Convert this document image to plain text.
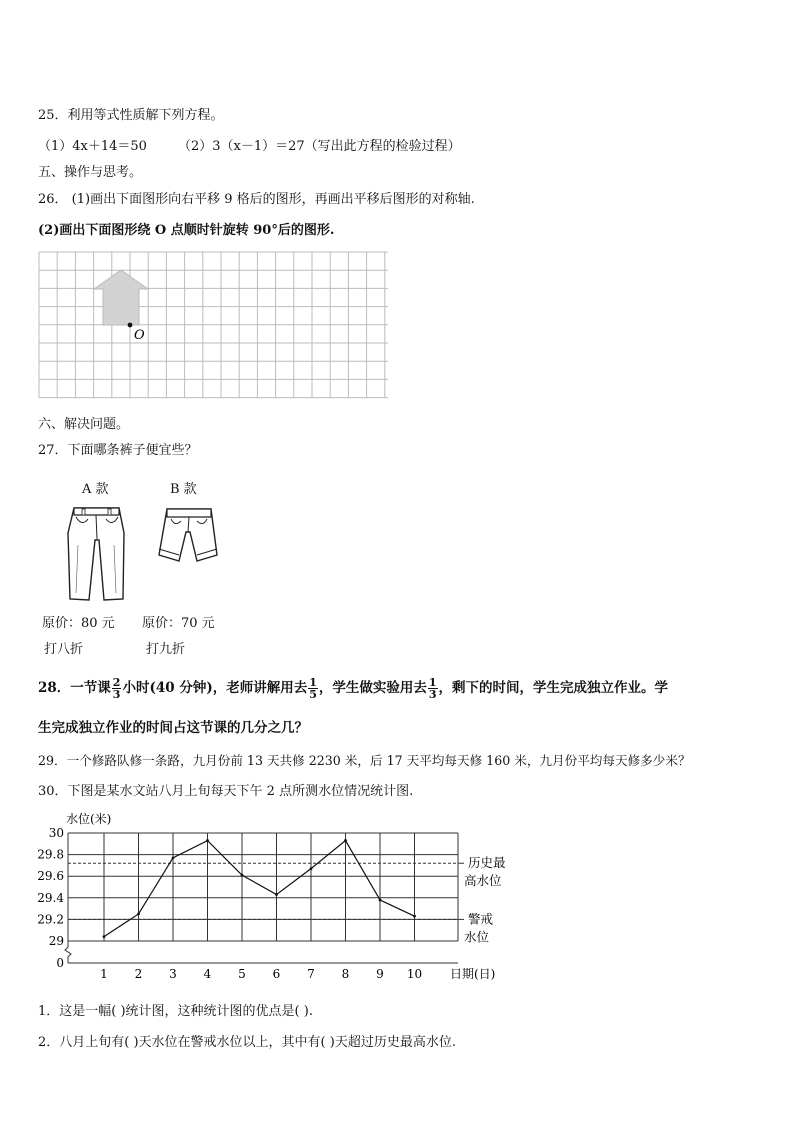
25．利用等式性质解下列方程。
（1）4x＋14＝50 （2）3（x－1）＝27（写出此方程的检验过程）
五、操作与思考。
26． (1)画出下面图形向右平移 9 格后的图形，再画出平移后图形的对称轴.
(2)画出下面图形绕 O 点顺时针旋转 90°后的图形.
O
六、解决问题。
27．下面哪条裤子便宜些？
A 款	B 款
原价：80 元 原价：70 元
打八折	打九折
28．一节课 $\frac{2}{3}$ 小时(40 分钟)，老师讲解用去 $\frac{1}{5}$ ，学生做实验用去 $\frac{1}{3}$ ，剩下的时间，学生完成独立作业。学
生完成独立作业的时间占这节课的几分之几？
29．一个修路队修一条路，九月份前 13 天共修 2230 米，后 17 天平均每天修 160 米，九月份平均每天修多少米？
30．下图是某水文站八月上旬每天下午 2 点所测水位情况统计图.
30
29.8
29.6
29.4
29.2
29
0
水位(米)
1 2 3 4 5 6 7 8 9 10 日期(日)
历史最
高水位
警戒
水位
1．这是一幅( )统计图，这种统计图的优点是( ).
2．八月上旬有( )天水位在警戒水位以上，其中有( )天超过历史最高水位.
